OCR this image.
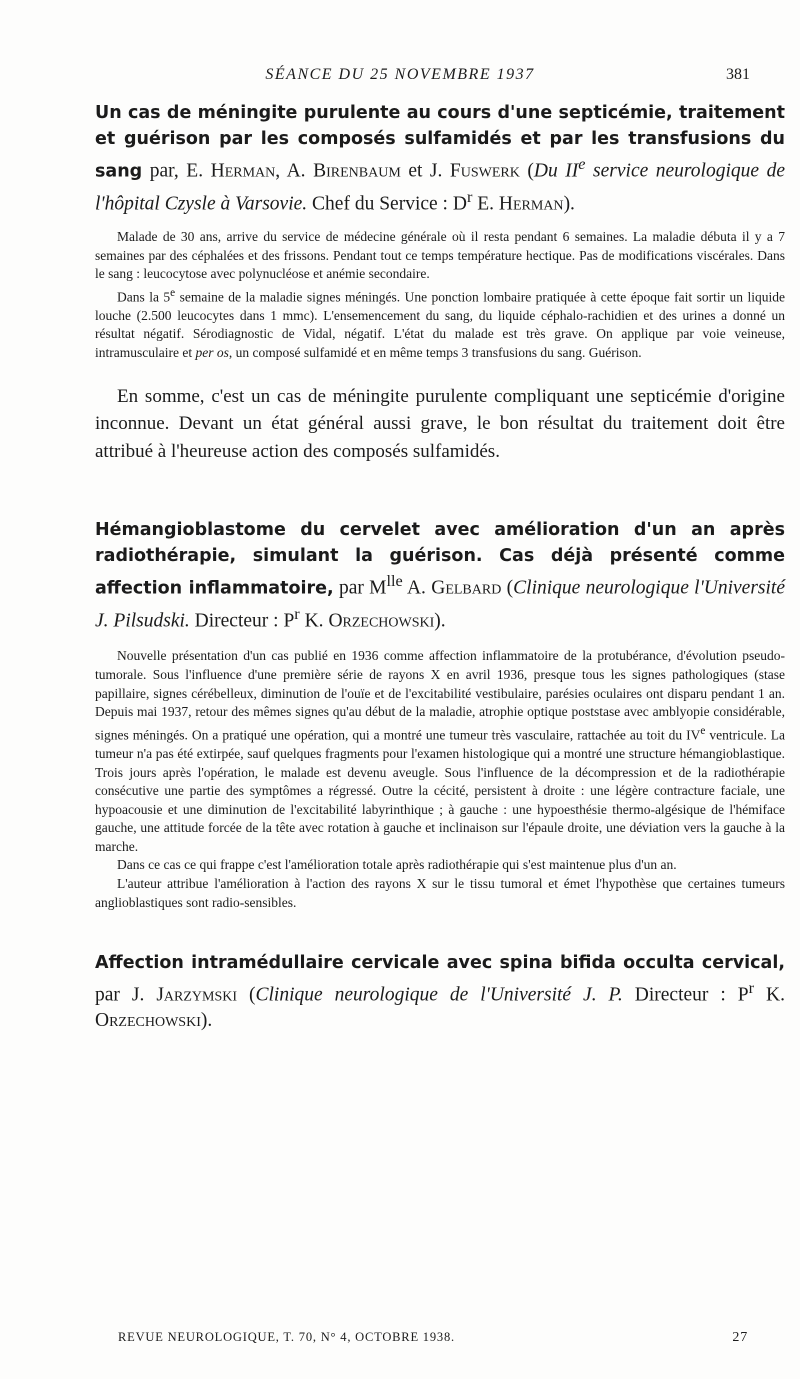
SÉANCE DU 25 NOVEMBRE 1937	381

Un cas de méningite purulente au cours d'une septicémie, traitement et guérison par les composés sulfamidés et par les transfusions du sang par, E. Herman, A. Birenbaum et J. Fuswerk (Du IIe service neurologique de l'hôpital Czysle à Varsovie. Chef du Service : $D^r$ E. Herman).

Malade de 30 ans, arrive du service de médecine générale où il resta pendant 6 semaines. La maladie débuta il y a 7 semaines par des céphalées et des frissons. Pendant tout ce temps température hectique. Pas de modifications viscérales. Dans le sang : leucocytose avec polynucléose et anémie secondaire.

Dans la 5e semaine de la maladie signes méningés. Une ponction lombaire pratiquée à cette époque fait sortir un liquide louche (2.500 leucocytes dans 1 mmc). L'ensemencement du sang, du liquide céphalo-rachidien et des urines a donné un résultat négatif. Sérodiagnostic de Vidal, négatif. L'état du malade est très grave. On applique par voie veineuse, intramusculaire et per os, un composé sulfamidé et en même temps 3 transfusions du sang. Guérison.

En somme, c'est un cas de méningite purulente compliquant une septicémie d'origine inconnue. Devant un état général aussi grave, le bon résultat du traitement doit être attribué à l'heureuse action des composés sulfamidés.

Hémangioblastome du cervelet avec amélioration d'un an après radiothérapie, simulant la guérison. Cas déjà présenté comme affection inflammatoire, par $M^{lle}$ A. Gelbard (Clinique neurologique l'Université J. Pilsudski. Directeur : $P^r$ K. Orzechowski).

Nouvelle présentation d'un cas publié en 1936 comme affection inflammatoire de la protubérance, d'évolution pseudo-tumorale. Sous l'influence d'une première série de rayons X en avril 1936, presque tous les signes pathologiques (stase papillaire, signes cérébelleux, diminution de l'ouïe et de l'excitabilité vestibulaire, parésies oculaires ont disparu pendant 1 an. Depuis mai 1937, retour des mêmes signes qu'au début de la maladie, atrophie optique poststase avec amblyopie considérable, signes méningés. On a pratiqué une opération, qui a montré une tumeur très vasculaire, rattachée au toit du IVe ventricule. La tumeur n'a pas été extirpée, sauf quelques fragments pour l'examen histologique qui a montré une structure hémangioblastique. Trois jours après l'opération, le malade est devenu aveugle. Sous l'influence de la décompression et de la radiothérapie consécutive une partie des symptômes a régressé. Outre la cécité, persistent à droite : une légère contracture faciale, une hypoacousie et une diminution de l'excitabilité labyrinthique ; à gauche : une hypoesthésie thermo-algésique de l'hémiface gauche, une attitude forcée de la tête avec rotation à gauche et inclinaison sur l'épaule droite, une déviation vers la gauche à la marche.

Dans ce cas ce qui frappe c'est l'amélioration totale après radiothérapie qui s'est maintenue plus d'un an.

L'auteur attribue l'amélioration à l'action des rayons X sur le tissu tumoral et émet l'hypothèse que certaines tumeurs anglioblastiques sont radio-sensibles.

Affection intramédullaire cervicale avec spina bifida occulta cervical, par J. Jarzymski (Clinique neurologique de l'Université J. P. Directeur : $P^r$ K. Orzechowski).

REVUE NEUROLOGIQUE, T. 70, N° 4, OCTOBRE 1938.	27
